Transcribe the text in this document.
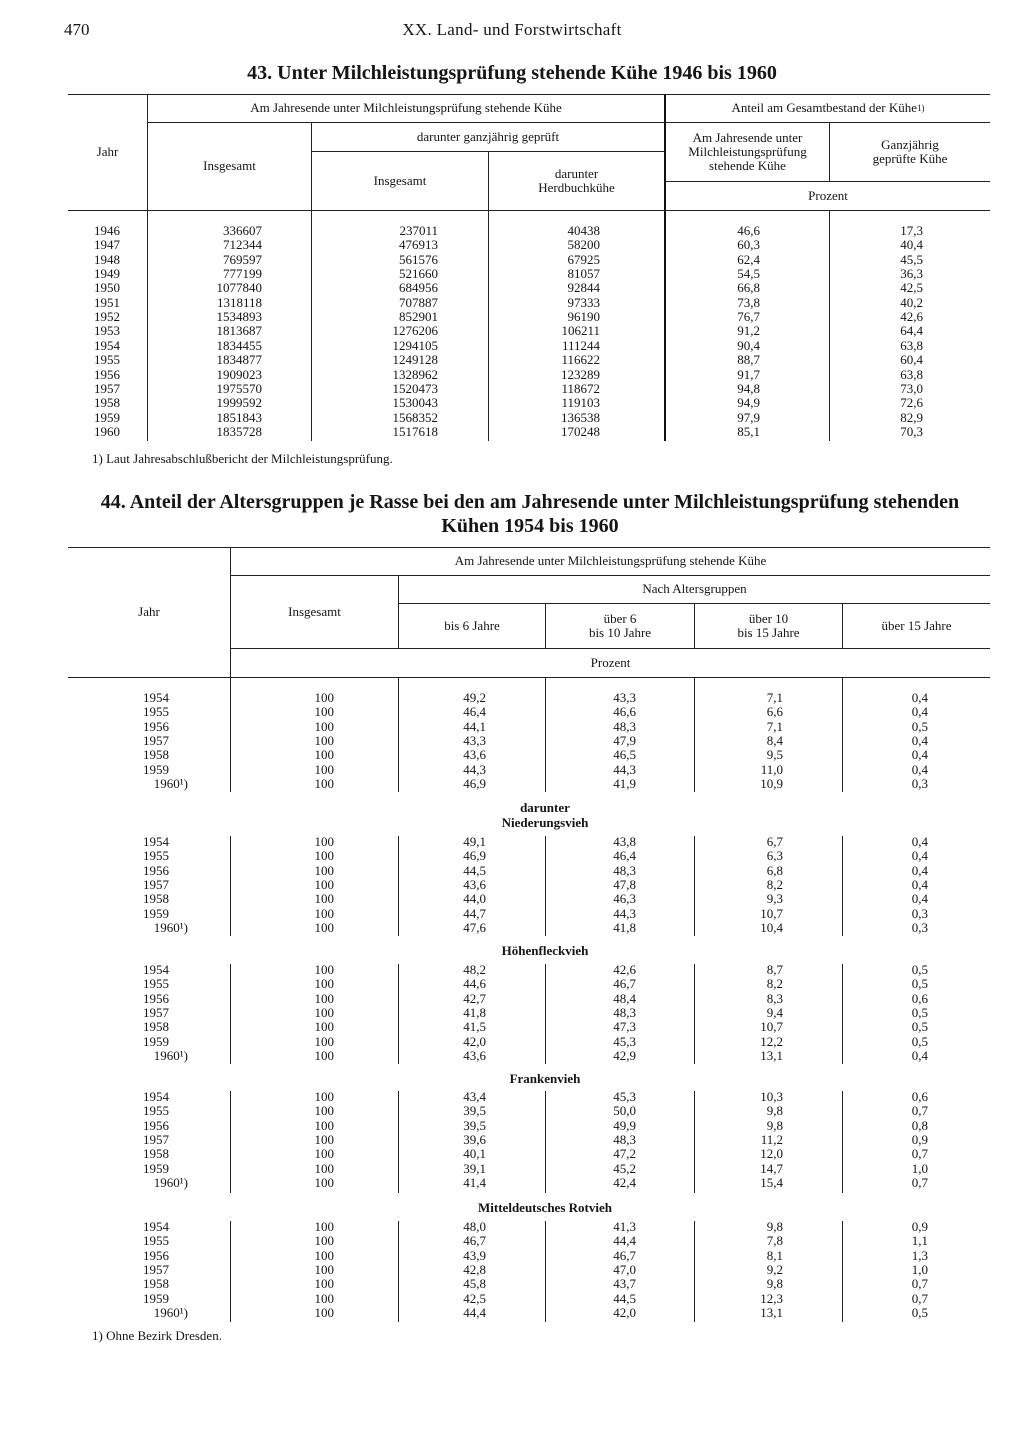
470	XX. Land- und Forstwirtschaft
43. Unter Milchleistungsprüfung stehende Kühe 1946 bis 1960
Jahr
Am Jahresende unter Milchleistungsprüfung stehende Kühe
Insgesamt
darunter ganzjährig geprüft
Insgesamt	darunter Herdbuchkühe
Anteil am Gesamtbestand der Kühe 1)
Am Jahresende unter Milchleistungsprüfung stehende Kühe
Ganzjährig geprüfte Kühe
Prozent
1946	336607	237011	40438	46,6	17,3
1947	712344	476913	58200	60,3	40,4
1948	769597	561576	67925	62,4	45,5
1949	777199	521660	81057	54,5	36,3
1950	1077840	684956	92844	66,8	42,5
1951	1318118	707887	97333	73,8	40,2
1952	1534893	852901	96190	76,7	42,6
1953	1813687	1276206	106211	91,2	64,4
1954	1834455	1294105	111244	90,4	63,8
1955	1834877	1249128	116622	88,7	60,4
1956	1909023	1328962	123289	91,7	63,8
1957	1975570	1520473	118672	94,8	73,0
1958	1999592	1530043	119103	94,9	72,6
1959	1851843	1568352	136538	97,9	82,9
1960	1835728	1517618	170248	85,1	70,3
1) Laut Jahresabschlußbericht der Milchleistungsprüfung.
44. Anteil der Altersgruppen je Rasse bei den am Jahresende unter Milchleistungsprüfung stehenden
Kühen 1954 bis 1960
Jahr
Am Jahresende unter Milchleistungsprüfung stehende Kühe
Insgesamt
Nach Altersgruppen
bis 6 Jahre	über 6
bis 10 Jahre
über 10
bis 15 Jahre	über 15 Jahre
Prozent
1954	100	49,2	43,3	7,1	0,4
1955	100	46,4	46,6	6,6	0,4
1956	100	44,1	48,3	7,1	0,5
1957	100	43,3	47,9	8,4	0,4
1958	100	43,6	46,5	9,5	0,4
1959	100	44,3	44,3	11,0	0,4
1960¹)	100	46,9	41,9	10,9	0,3
darunter
Niederungsvieh
1954	100	49,1	43,8	6,7	0,4
1955	100	46,9	46,4	6,3	0,4
1956	100	44,5	48,3	6,8	0,4
1957	100	43,6	47,8	8,2	0,4
1958	100	44,0	46,3	9,3	0,4
1959	100	44,7	44,3	10,7	0,3
1960¹)	100	47,6	41,8	10,4	0,3
Höhenfleckvieh
1954	100	48,2	42,6	8,7	0,5
1955	100	44,6	46,7	8,2	0,5
1956	100	42,7	48,4	8,3	0,6
1957	100	41,8	48,3	9,4	0,5
1958	100	41,5	47,3	10,7	0,5
1959	100	42,0	45,3	12,2	0,5
1960¹)	100	43,6	42,9	13,1	0,4
Frankenvieh
1954	100	43,4	45,3	10,3	0,6
1955	100	39,5	50,0	9,8	0,7
1956	100	39,5	49,9	9,8	0,8
1957	100	39,6	48,3	11,2	0,9
1958	100	40,1	47,2	12,0	0,7
1959	100	39,1	45,2	14,7	1,0
1960¹)	100	41,4	42,4	15,4	0,7
Mitteldeutsches Rotvieh
1954	100	48,0	41,3	9,8	0,9
1955	100	46,7	44,4	7,8	1,1
1956	100	43,9	46,7	8,1	1,3
1957	100	42,8	47,0	9,2	1,0
1958	100	45,8	43,7	9,8	0,7
1959	100	42,5	44,5	12,3	0,7
1960¹)	100	44,4	42,0	13,1	0,5
1) Ohne Bezirk Dresden.
